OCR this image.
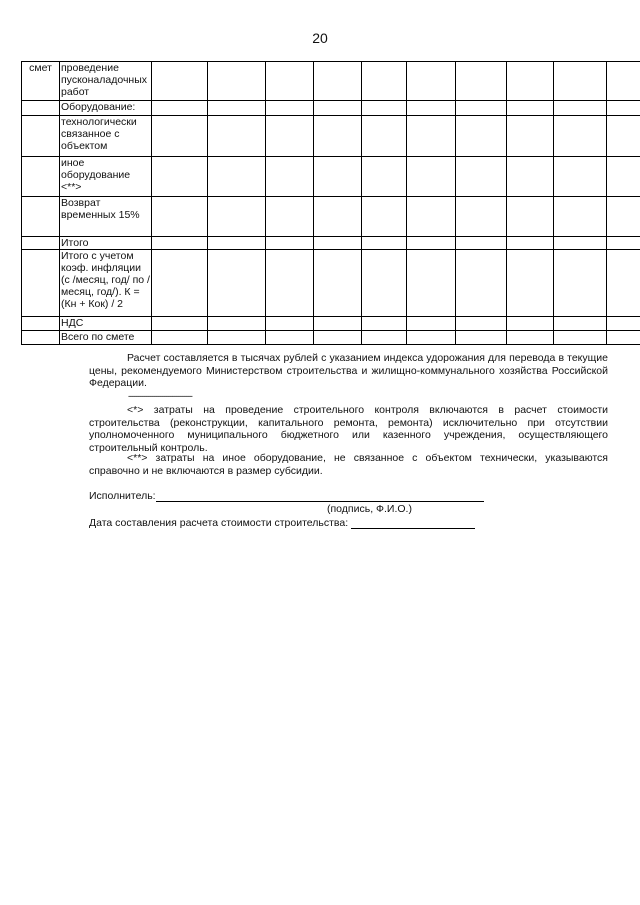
20
смет	проведение пусконаладочных работ										
	Оборудование:										
	технологически связанное с объектом										
	иное оборудование <**>										
	Возврат временных 15%										
	Итого										
	Итого с учетом коэф. инфляции (с /месяц, год/ по /месяц, год/). К = (Кн + Кок) / 2										
	НДС										
	Всего по смете										
Расчет составляется в тысячах рублей с указанием индекса удорожания для перевода в текущие цены, рекомендуемого Министерством строительства и жилищно-коммунального хозяйства Российской Федерации.
--------------------------------
<*> затраты на проведение строительного контроля включаются в расчет стоимости строительства (реконструкции, капитального ремонта, ремонта) исключительно при отсутствии уполномоченного муниципального бюджетного или казенного учреждения, осуществляющего строительный контроль.
<**> затраты на иное оборудование, не связанное с объектом технически, указываются справочно и не включаются в размер субсидии.
Исполнитель:
(подпись, Ф.И.О.)
Дата составления расчета стоимости строительства:
